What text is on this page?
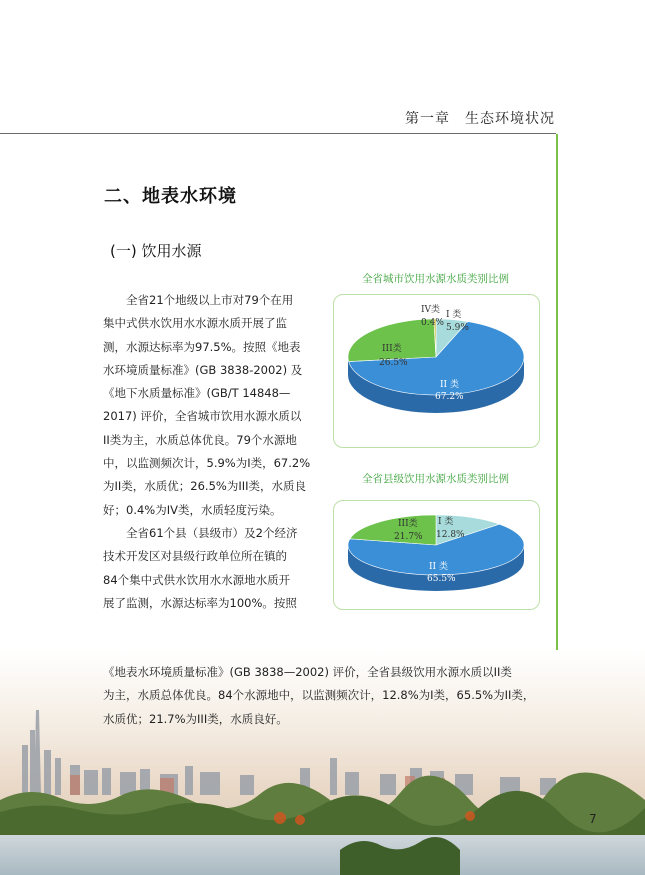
第一章　生态环境状况
二、地表水环境
(一) 饮用水源

全省21个地级以上市对79个在用

集中式供水饮用水水源水质开展了监

测，水源达标率为97.5%。按照《地表

水环境质量标准》(GB 3838-2002) 及

《地下水质量标准》(GB/T 14848—

2017) 评价，全省城市饮用水源水质以

II类为主，水质总体优良。79个水源地

中，以监测频次计，5.9%为I类，67.2%

为II类，水质优；26.5%为III类，水质良

好；0.4%为IV类，水质轻度污染。

全省61个县（县级市）及2个经济

技术开发区对县级行政单位所在镇的

84个集中式供水饮用水水源地水质开

展了监测，水源达标率为100%。按照

全省城市饮用水源水质类别比例
IV类
0.4%
I 类
5.9%
III类
26.5%
II 类
67.2%
全省县级饮用水源水质类别比例
III类
21.7%
I 类
12.8%
II 类
65.5%

《地表水环境质量标准》(GB 3838—2002) 评价，全省县级饮用水源水质以II类

为主，水质总体优良。84个水源地中，以监测频次计，12.8%为I类，65.5%为II类，

水质优；21.7%为III类，水质良好。

7
